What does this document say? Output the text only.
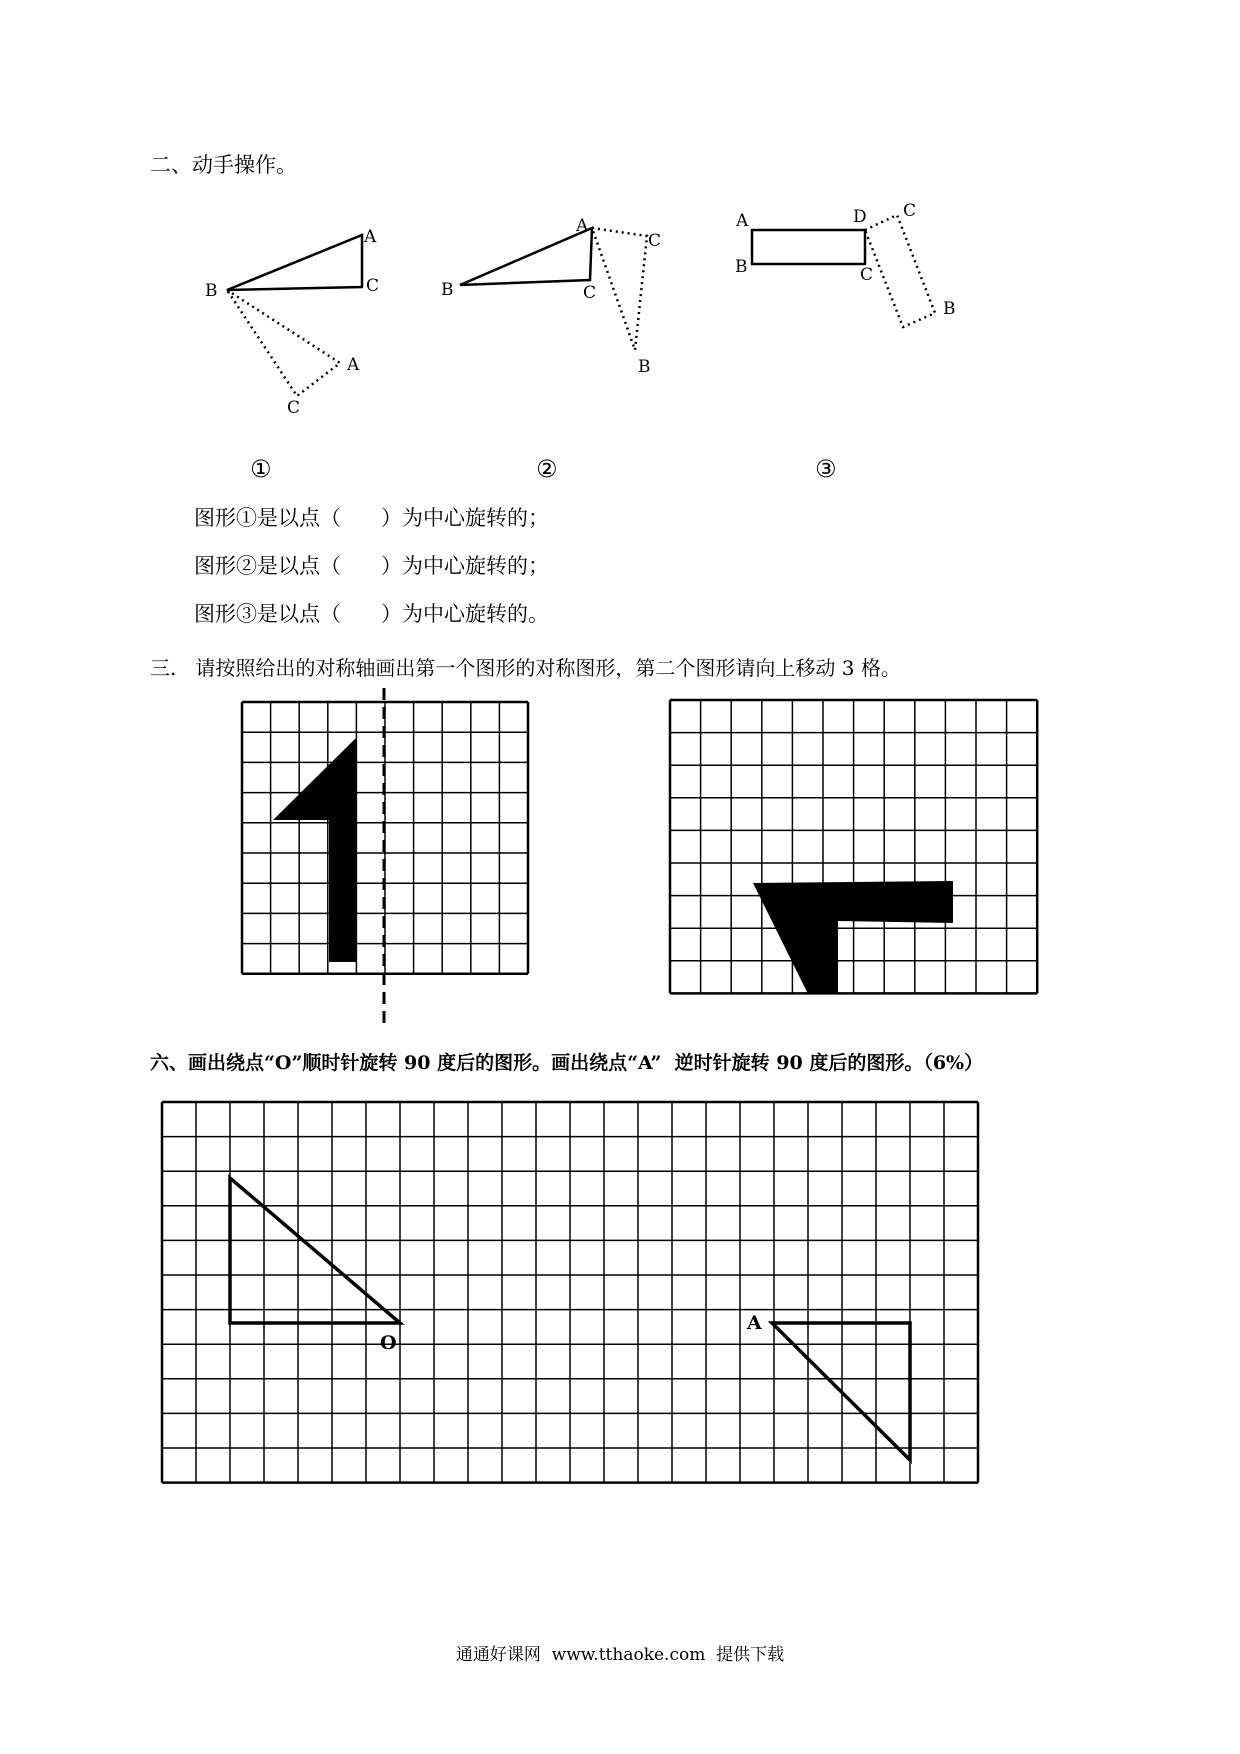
二、动手操作。
B
A
C
A
C
B
A
C
C
B
A
B
D
C
C
B
①	②	③
图形①是以点（      ）为中心旋转的；
图形②是以点（      ）为中心旋转的；
图形③是以点（      ）为中心旋转的。
三.   请按照给出的对称轴画出第一个图形的对称图形，第二个图形请向上移动 3 格。
六、画出绕点“O”顺时针旋转 90 度后的图形。画出绕点“A”  逆时针旋转 90 度后的图形。（6%）
O
A
通通好课网  www.tthaoke.com  提供下载
